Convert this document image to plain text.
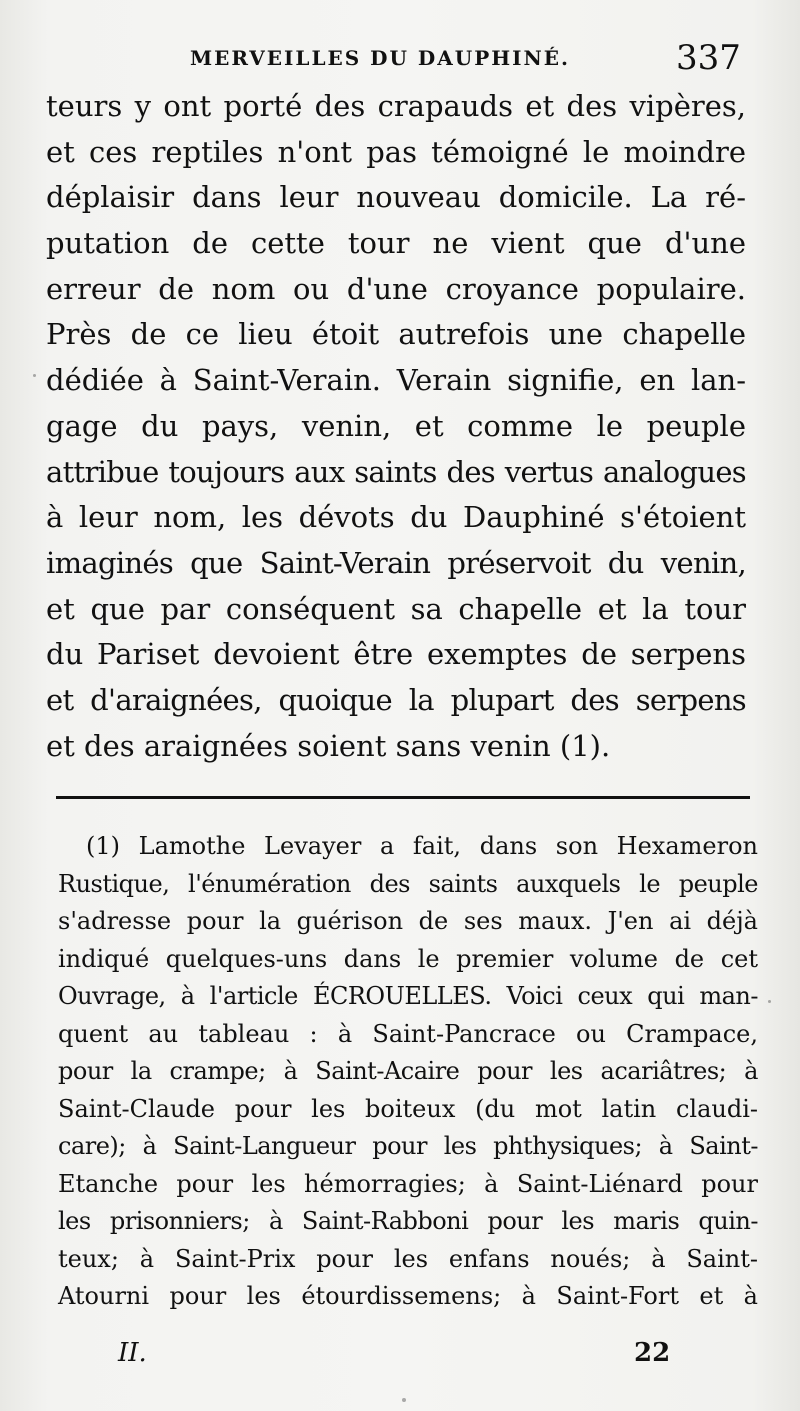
MERVEILLES DU DAUPHINÉ.	337
teurs y ont porté des crapauds et des vipères,
et ces reptiles n'ont pas témoigné le moindre
déplaisir dans leur nouveau domicile. La ré-
putation de cette tour ne vient que d'une
erreur de nom ou d'une croyance populaire.
Près de ce lieu étoit autrefois une chapelle
dédiée à Saint-Verain. Verain signifie, en lan-
gage du pays, venin, et comme le peuple
attribue toujours aux saints des vertus analogues
à leur nom, les dévots du Dauphiné s'étoient
imaginés que Saint-Verain préservoit du venin,
et que par conséquent sa chapelle et la tour
du Pariset devoient être exemptes de serpens
et d'araignées, quoique la plupart des serpens
et des araignées soient sans venin (1).
(1) Lamothe Levayer a fait, dans son Hexameron
Rustique, l'énumération des saints auxquels le peuple
s'adresse pour la guérison de ses maux. J'en ai déjà
indiqué quelques-uns dans le premier volume de cet
Ouvrage, à l'article ÉCROUELLES. Voici ceux qui man-
quent au tableau : à Saint-Pancrace ou Crampace,
pour la crampe; à Saint-Acaire pour les acariâtres; à
Saint-Claude pour les boiteux (du mot latin claudi-
care); à Saint-Langueur pour les phthysiques; à Saint-
Etanche pour les hémorragies; à Saint-Liénard pour
les prisonniers; à Saint-Rabboni pour les maris quin-
teux; à Saint-Prix pour les enfans noués; à Saint-
Atourni pour les étourdissemens; à Saint-Fort et à
II.	22
